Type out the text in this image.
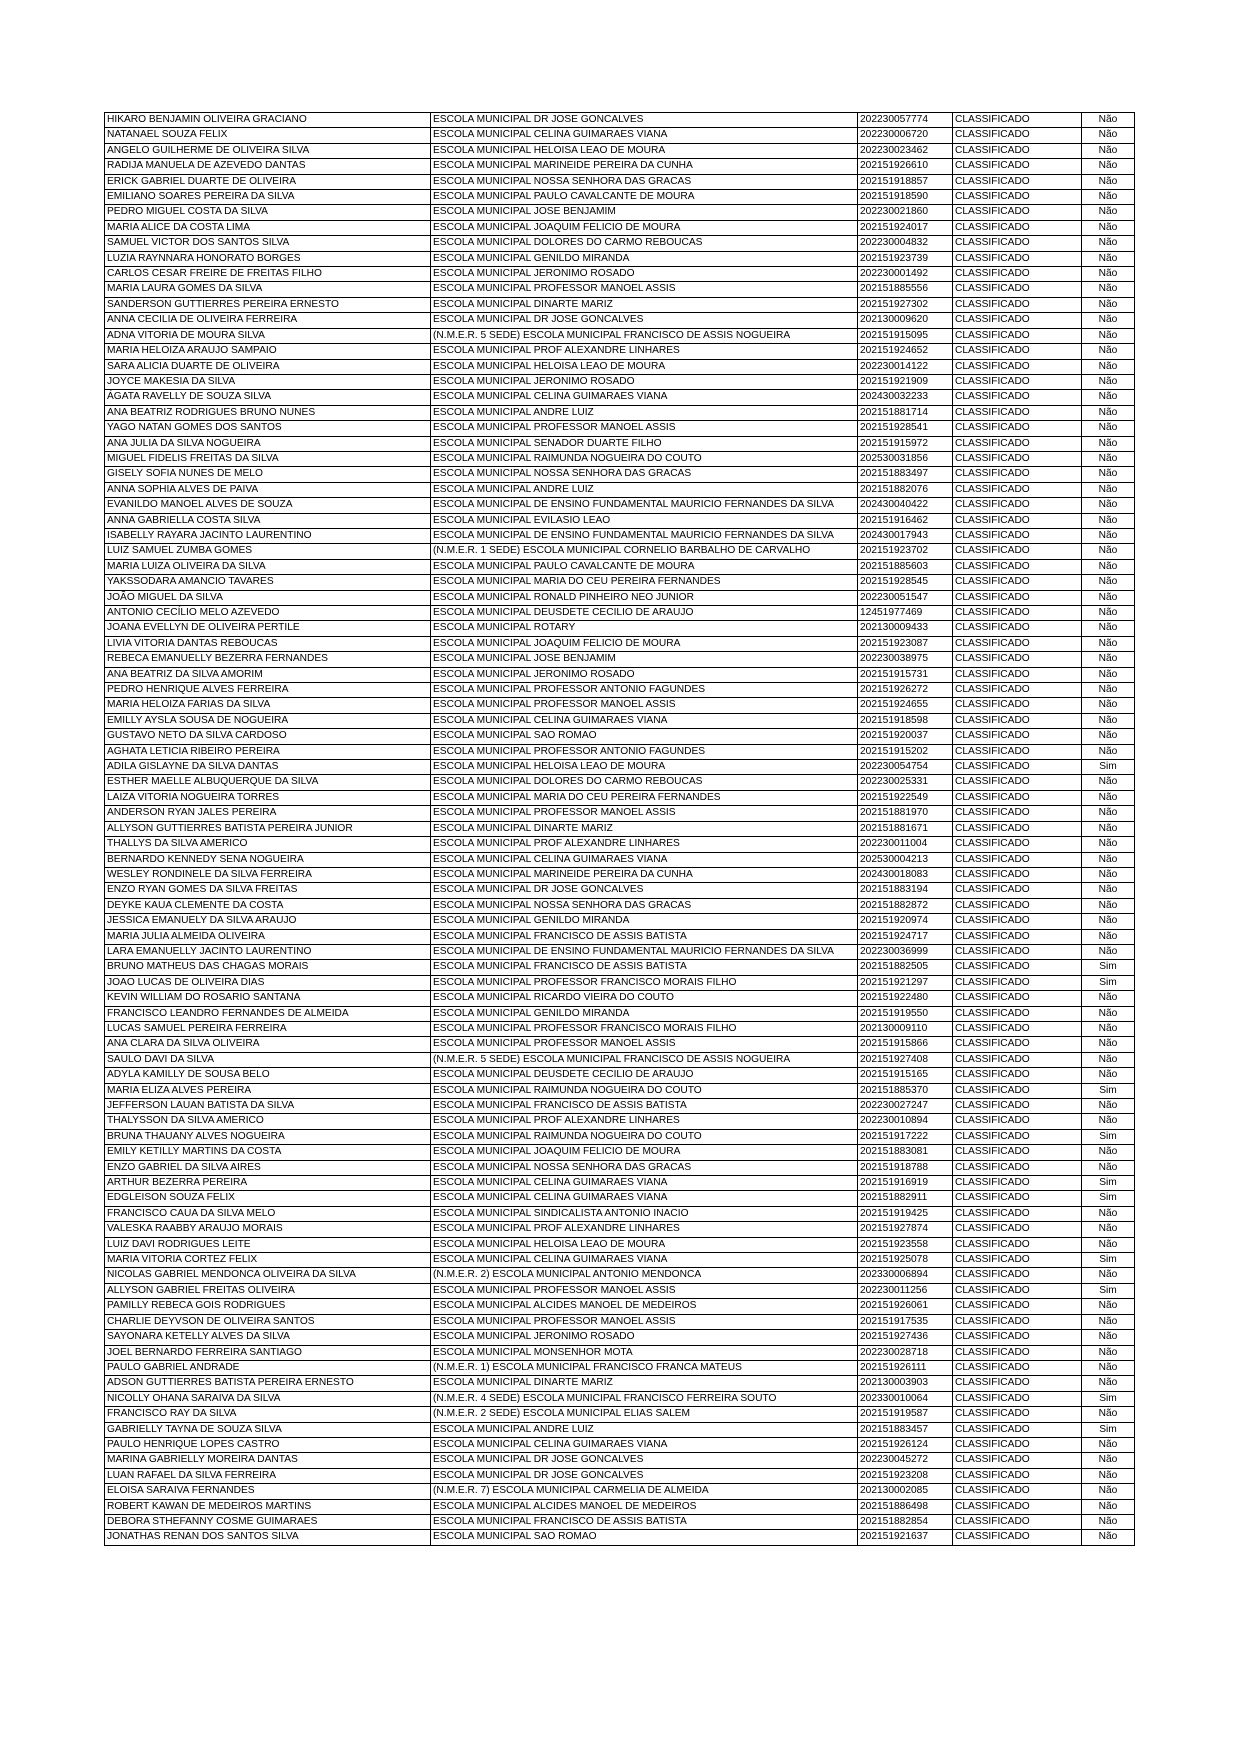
HIKARO BENJAMIN OLIVEIRA GRACIANO	ESCOLA MUNICIPAL DR JOSE GONCALVES	202230057774	CLASSIFICADO	Não
NATANAEL SOUZA FELIX	ESCOLA MUNICIPAL CELINA GUIMARAES VIANA	202230006720	CLASSIFICADO	Não
ANGELO GUILHERME DE OLIVEIRA SILVA	ESCOLA MUNICIPAL HELOISA LEAO DE MOURA	202230023462	CLASSIFICADO	Não
RADIJA MANUELA DE AZEVEDO DANTAS	ESCOLA MUNICIPAL MARINEIDE PEREIRA DA CUNHA	202151926610	CLASSIFICADO	Não
ERICK GABRIEL DUARTE DE OLIVEIRA	ESCOLA MUNICIPAL NOSSA SENHORA DAS GRACAS	202151918857	CLASSIFICADO	Não
EMILIANO SOARES PEREIRA DA SILVA	ESCOLA MUNICIPAL PAULO CAVALCANTE DE MOURA	202151918590	CLASSIFICADO	Não
PEDRO MIGUEL COSTA DA SILVA	ESCOLA MUNICIPAL JOSE BENJAMIM	202230021860	CLASSIFICADO	Não
MARIA ALICE DA COSTA LIMA	ESCOLA MUNICIPAL JOAQUIM FELICIO DE MOURA	202151924017	CLASSIFICADO	Não
SAMUEL VICTOR DOS SANTOS SILVA	ESCOLA MUNICIPAL DOLORES DO CARMO REBOUCAS	202230004832	CLASSIFICADO	Não
LUZIA RAYNNARA HONORATO BORGES	ESCOLA MUNICIPAL GENILDO MIRANDA	202151923739	CLASSIFICADO	Não
CARLOS CESAR FREIRE DE FREITAS FILHO	ESCOLA MUNICIPAL JERONIMO ROSADO	202230001492	CLASSIFICADO	Não
MARIA LAURA GOMES DA SILVA	ESCOLA MUNICIPAL PROFESSOR MANOEL ASSIS	202151885556	CLASSIFICADO	Não
SANDERSON GUTTIERRES PEREIRA ERNESTO	ESCOLA MUNICIPAL DINARTE MARIZ	202151927302	CLASSIFICADO	Não
ANNA CECILIA DE OLIVEIRA FERREIRA	ESCOLA MUNICIPAL DR JOSE GONCALVES	202130009620	CLASSIFICADO	Não
ADNA VITORIA DE MOURA SILVA	(N.M.E.R. 5 SEDE) ESCOLA MUNICIPAL FRANCISCO DE ASSIS NOGUEIRA	202151915095	CLASSIFICADO	Não
MARIA HELOIZA ARAUJO SAMPAIO	ESCOLA MUNICIPAL PROF ALEXANDRE LINHARES	202151924652	CLASSIFICADO	Não
SARA ALICIA DUARTE DE OLIVEIRA	ESCOLA MUNICIPAL HELOISA LEAO DE MOURA	202230014122	CLASSIFICADO	Não
JOYCE MAKESIA DA SILVA	ESCOLA MUNICIPAL JERONIMO ROSADO	202151921909	CLASSIFICADO	Não
ÁGATA RAVELLY DE SOUZA SILVA	ESCOLA MUNICIPAL CELINA GUIMARAES VIANA	202430032233	CLASSIFICADO	Não
ANA BEATRIZ RODRIGUES BRUNO NUNES	ESCOLA MUNICIPAL ANDRE LUIZ	202151881714	CLASSIFICADO	Não
YAGO NATAN GOMES DOS SANTOS	ESCOLA MUNICIPAL PROFESSOR MANOEL ASSIS	202151928541	CLASSIFICADO	Não
ANA JULIA DA SILVA NOGUEIRA	ESCOLA MUNICIPAL SENADOR DUARTE FILHO	202151915972	CLASSIFICADO	Não
MIGUEL FIDELIS FREITAS DA SILVA	ESCOLA MUNICIPAL RAIMUNDA NOGUEIRA DO COUTO	202530031856	CLASSIFICADO	Não
GISELY SOFIA NUNES DE MELO	ESCOLA MUNICIPAL NOSSA SENHORA DAS GRACAS	202151883497	CLASSIFICADO	Não
ANNA SOPHIA ALVES DE PAIVA	ESCOLA MUNICIPAL ANDRE LUIZ	202151882076	CLASSIFICADO	Não
EVANILDO MANOEL ALVES DE SOUZA	ESCOLA MUNICIPAL DE ENSINO FUNDAMENTAL MAURICIO FERNANDES DA SILVA	202430040422	CLASSIFICADO	Não
ANNA GABRIELLA COSTA SILVA	ESCOLA MUNICIPAL EVILASIO LEAO	202151916462	CLASSIFICADO	Não
ISABELLY RAYARA JACINTO LAURENTINO	ESCOLA MUNICIPAL DE ENSINO FUNDAMENTAL MAURICIO FERNANDES DA SILVA	202430017943	CLASSIFICADO	Não
LUIZ SAMUEL ZUMBA GOMES	(N.M.E.R. 1 SEDE) ESCOLA MUNICIPAL CORNELIO BARBALHO DE CARVALHO	202151923702	CLASSIFICADO	Não
MARIA LUIZA OLIVEIRA DA SILVA	ESCOLA MUNICIPAL PAULO CAVALCANTE DE MOURA	202151885603	CLASSIFICADO	Não
YAKSSODARA AMANCIO TAVARES	ESCOLA MUNICIPAL MARIA DO CEU PEREIRA FERNANDES	202151928545	CLASSIFICADO	Não
JOÃO MIGUEL DA SILVA	ESCOLA MUNICIPAL RONALD PINHEIRO NEO JUNIOR	202230051547	CLASSIFICADO	Não
ANTONIO CECÍLIO MELO AZEVEDO	ESCOLA MUNICIPAL DEUSDETE CECILIO DE ARAUJO	12451977469	CLASSIFICADO	Não
JOANA EVELLYN DE OLIVEIRA PERTILE	ESCOLA MUNICIPAL ROTARY	202130009433	CLASSIFICADO	Não
LIVIA VITORIA DANTAS REBOUCAS	ESCOLA MUNICIPAL JOAQUIM FELICIO DE MOURA	202151923087	CLASSIFICADO	Não
REBECA EMANUELLY BEZERRA FERNANDES	ESCOLA MUNICIPAL JOSE BENJAMIM	202230038975	CLASSIFICADO	Não
ANA BEATRIZ DA SILVA AMORIM	ESCOLA MUNICIPAL JERONIMO ROSADO	202151915731	CLASSIFICADO	Não
PEDRO HENRIQUE ALVES FERREIRA	ESCOLA MUNICIPAL PROFESSOR ANTONIO FAGUNDES	202151926272	CLASSIFICADO	Não
MARIA HELOIZA FARIAS DA SILVA	ESCOLA MUNICIPAL PROFESSOR MANOEL ASSIS	202151924655	CLASSIFICADO	Não
EMILLY AYSLA SOUSA DE NOGUEIRA	ESCOLA MUNICIPAL CELINA GUIMARAES VIANA	202151918598	CLASSIFICADO	Não
GUSTAVO NETO DA SILVA CARDOSO	ESCOLA MUNICIPAL SAO ROMAO	202151920037	CLASSIFICADO	Não
AGHATA LETICIA RIBEIRO PEREIRA	ESCOLA MUNICIPAL PROFESSOR ANTONIO FAGUNDES	202151915202	CLASSIFICADO	Não
ADILA GISLAYNE DA SILVA DANTAS	ESCOLA MUNICIPAL HELOISA LEAO DE MOURA	202230054754	CLASSIFICADO	Sim
ESTHER MAELLE ALBUQUERQUE DA SILVA	ESCOLA MUNICIPAL DOLORES DO CARMO REBOUCAS	202230025331	CLASSIFICADO	Não
LAIZA VITORIA NOGUEIRA TORRES	ESCOLA MUNICIPAL MARIA DO CEU PEREIRA FERNANDES	202151922549	CLASSIFICADO	Não
ANDERSON RYAN JALES PEREIRA	ESCOLA MUNICIPAL PROFESSOR MANOEL ASSIS	202151881970	CLASSIFICADO	Não
ALLYSON GUTTIERRES BATISTA PEREIRA JUNIOR	ESCOLA MUNICIPAL DINARTE MARIZ	202151881671	CLASSIFICADO	Não
THALLYS DA SILVA AMERICO	ESCOLA MUNICIPAL PROF ALEXANDRE LINHARES	202230011004	CLASSIFICADO	Não
BERNARDO KENNEDY SENA NOGUEIRA	ESCOLA MUNICIPAL CELINA GUIMARAES VIANA	202530004213	CLASSIFICADO	Não
WESLEY RONDINELE DA SILVA FERREIRA	ESCOLA MUNICIPAL MARINEIDE PEREIRA DA CUNHA	202430018083	CLASSIFICADO	Não
ENZO RYAN GOMES DA SILVA FREITAS	ESCOLA MUNICIPAL DR JOSE GONCALVES	202151883194	CLASSIFICADO	Não
DEYKE KAUA CLEMENTE DA COSTA	ESCOLA MUNICIPAL NOSSA SENHORA DAS GRACAS	202151882872	CLASSIFICADO	Não
JESSICA EMANUELY DA SILVA ARAUJO	ESCOLA MUNICIPAL GENILDO MIRANDA	202151920974	CLASSIFICADO	Não
MARIA JULIA ALMEIDA OLIVEIRA	ESCOLA MUNICIPAL FRANCISCO DE ASSIS BATISTA	202151924717	CLASSIFICADO	Não
LARA EMANUELLY JACINTO LAURENTINO	ESCOLA MUNICIPAL DE ENSINO FUNDAMENTAL MAURICIO FERNANDES DA SILVA	202230036999	CLASSIFICADO	Não
BRUNO MATHEUS DAS CHAGAS MORAIS	ESCOLA MUNICIPAL FRANCISCO DE ASSIS BATISTA	202151882505	CLASSIFICADO	Sim
JOAO LUCAS DE OLIVEIRA DIAS	ESCOLA MUNICIPAL PROFESSOR FRANCISCO MORAIS FILHO	202151921297	CLASSIFICADO	Sim
KEVIN WILLIAM DO ROSARIO SANTANA	ESCOLA MUNICIPAL RICARDO VIEIRA DO COUTO	202151922480	CLASSIFICADO	Não
FRANCISCO LEANDRO FERNANDES DE ALMEIDA	ESCOLA MUNICIPAL GENILDO MIRANDA	202151919550	CLASSIFICADO	Não
LUCAS SAMUEL PEREIRA FERREIRA	ESCOLA MUNICIPAL PROFESSOR FRANCISCO MORAIS FILHO	202130009110	CLASSIFICADO	Não
ANA CLARA DA SILVA OLIVEIRA	ESCOLA MUNICIPAL PROFESSOR MANOEL ASSIS	202151915866	CLASSIFICADO	Não
SAULO DAVI DA SILVA	(N.M.E.R. 5 SEDE) ESCOLA MUNICIPAL FRANCISCO DE ASSIS NOGUEIRA	202151927408	CLASSIFICADO	Não
ADYLA KAMILLY DE SOUSA BELO	ESCOLA MUNICIPAL DEUSDETE CECILIO DE ARAUJO	202151915165	CLASSIFICADO	Não
MARIA ELIZA ALVES PEREIRA	ESCOLA MUNICIPAL RAIMUNDA NOGUEIRA DO COUTO	202151885370	CLASSIFICADO	Sim
JEFFERSON LAUAN BATISTA DA SILVA	ESCOLA MUNICIPAL FRANCISCO DE ASSIS BATISTA	202230027247	CLASSIFICADO	Não
THALYSSON DA SILVA AMERICO	ESCOLA MUNICIPAL PROF ALEXANDRE LINHARES	202230010894	CLASSIFICADO	Não
BRUNA THAUANY ALVES NOGUEIRA	ESCOLA MUNICIPAL RAIMUNDA NOGUEIRA DO COUTO	202151917222	CLASSIFICADO	Sim
EMILY KETILLY MARTINS DA COSTA	ESCOLA MUNICIPAL JOAQUIM FELICIO DE MOURA	202151883081	CLASSIFICADO	Não
ENZO GABRIEL DA SILVA AIRES	ESCOLA MUNICIPAL NOSSA SENHORA DAS GRACAS	202151918788	CLASSIFICADO	Não
ARTHUR BEZERRA PEREIRA	ESCOLA MUNICIPAL CELINA GUIMARAES VIANA	202151916919	CLASSIFICADO	Sim
EDGLEISON SOUZA FELIX	ESCOLA MUNICIPAL CELINA GUIMARAES VIANA	202151882911	CLASSIFICADO	Sim
FRANCISCO CAUA DA SILVA MELO	ESCOLA MUNICIPAL SINDICALISTA ANTONIO INACIO	202151919425	CLASSIFICADO	Não
VALESKA RAABBY ARAUJO MORAIS	ESCOLA MUNICIPAL PROF ALEXANDRE LINHARES	202151927874	CLASSIFICADO	Não
LUIZ DAVI RODRIGUES LEITE	ESCOLA MUNICIPAL HELOISA LEAO DE MOURA	202151923558	CLASSIFICADO	Não
MARIA VITORIA CORTEZ FELIX	ESCOLA MUNICIPAL CELINA GUIMARAES VIANA	202151925078	CLASSIFICADO	Sim
NICOLAS GABRIEL MENDONCA OLIVEIRA DA SILVA	(N.M.E.R. 2) ESCOLA MUNICIPAL ANTONIO MENDONCA	202330006894	CLASSIFICADO	Não
ALLYSON GABRIEL FREITAS OLIVEIRA	ESCOLA MUNICIPAL PROFESSOR MANOEL ASSIS	202230011256	CLASSIFICADO	Sim
PAMILLY REBECA GOIS RODRIGUES	ESCOLA MUNICIPAL ALCIDES MANOEL DE MEDEIROS	202151926061	CLASSIFICADO	Não
CHARLIE DEYVSON DE OLIVEIRA SANTOS	ESCOLA MUNICIPAL PROFESSOR MANOEL ASSIS	202151917535	CLASSIFICADO	Não
SAYONARA KETELLY ALVES DA SILVA	ESCOLA MUNICIPAL JERONIMO ROSADO	202151927436	CLASSIFICADO	Não
JOEL BERNARDO FERREIRA SANTIAGO	ESCOLA MUNICIPAL MONSENHOR MOTA	202230028718	CLASSIFICADO	Não
PAULO GABRIEL ANDRADE	(N.M.E.R. 1) ESCOLA MUNICIPAL FRANCISCO FRANCA MATEUS	202151926111	CLASSIFICADO	Não
ADSON GUTTIERRES BATISTA PEREIRA ERNESTO	ESCOLA MUNICIPAL DINARTE MARIZ	202130003903	CLASSIFICADO	Não
NICOLLY OHANA SARAIVA DA SILVA	(N.M.E.R. 4 SEDE) ESCOLA MUNICIPAL FRANCISCO FERREIRA SOUTO	202330010064	CLASSIFICADO	Sim
FRANCISCO RAY DA SILVA	(N.M.E.R. 2 SEDE) ESCOLA MUNICIPAL ELIAS SALEM	202151919587	CLASSIFICADO	Não
GABRIELLY TAYNA DE SOUZA SILVA	ESCOLA MUNICIPAL ANDRE LUIZ	202151883457	CLASSIFICADO	Sim
PAULO HENRIQUE LOPES CASTRO	ESCOLA MUNICIPAL CELINA GUIMARAES VIANA	202151926124	CLASSIFICADO	Não
MARINA GABRIELLY MOREIRA DANTAS	ESCOLA MUNICIPAL DR JOSE GONCALVES	202230045272	CLASSIFICADO	Não
LUAN RAFAEL DA SILVA FERREIRA	ESCOLA MUNICIPAL DR JOSE GONCALVES	202151923208	CLASSIFICADO	Não
ELOISA SARAIVA FERNANDES	(N.M.E.R. 7) ESCOLA MUNICIPAL CARMELIA DE ALMEIDA	202130002085	CLASSIFICADO	Não
ROBERT KAWAN DE MEDEIROS MARTINS	ESCOLA MUNICIPAL ALCIDES MANOEL DE MEDEIROS	202151886498	CLASSIFICADO	Não
DEBORA STHEFANNY COSME GUIMARAES	ESCOLA MUNICIPAL FRANCISCO DE ASSIS BATISTA	202151882854	CLASSIFICADO	Não
JONATHAS RENAN DOS SANTOS SILVA	ESCOLA MUNICIPAL SAO ROMAO	202151921637	CLASSIFICADO	Não
